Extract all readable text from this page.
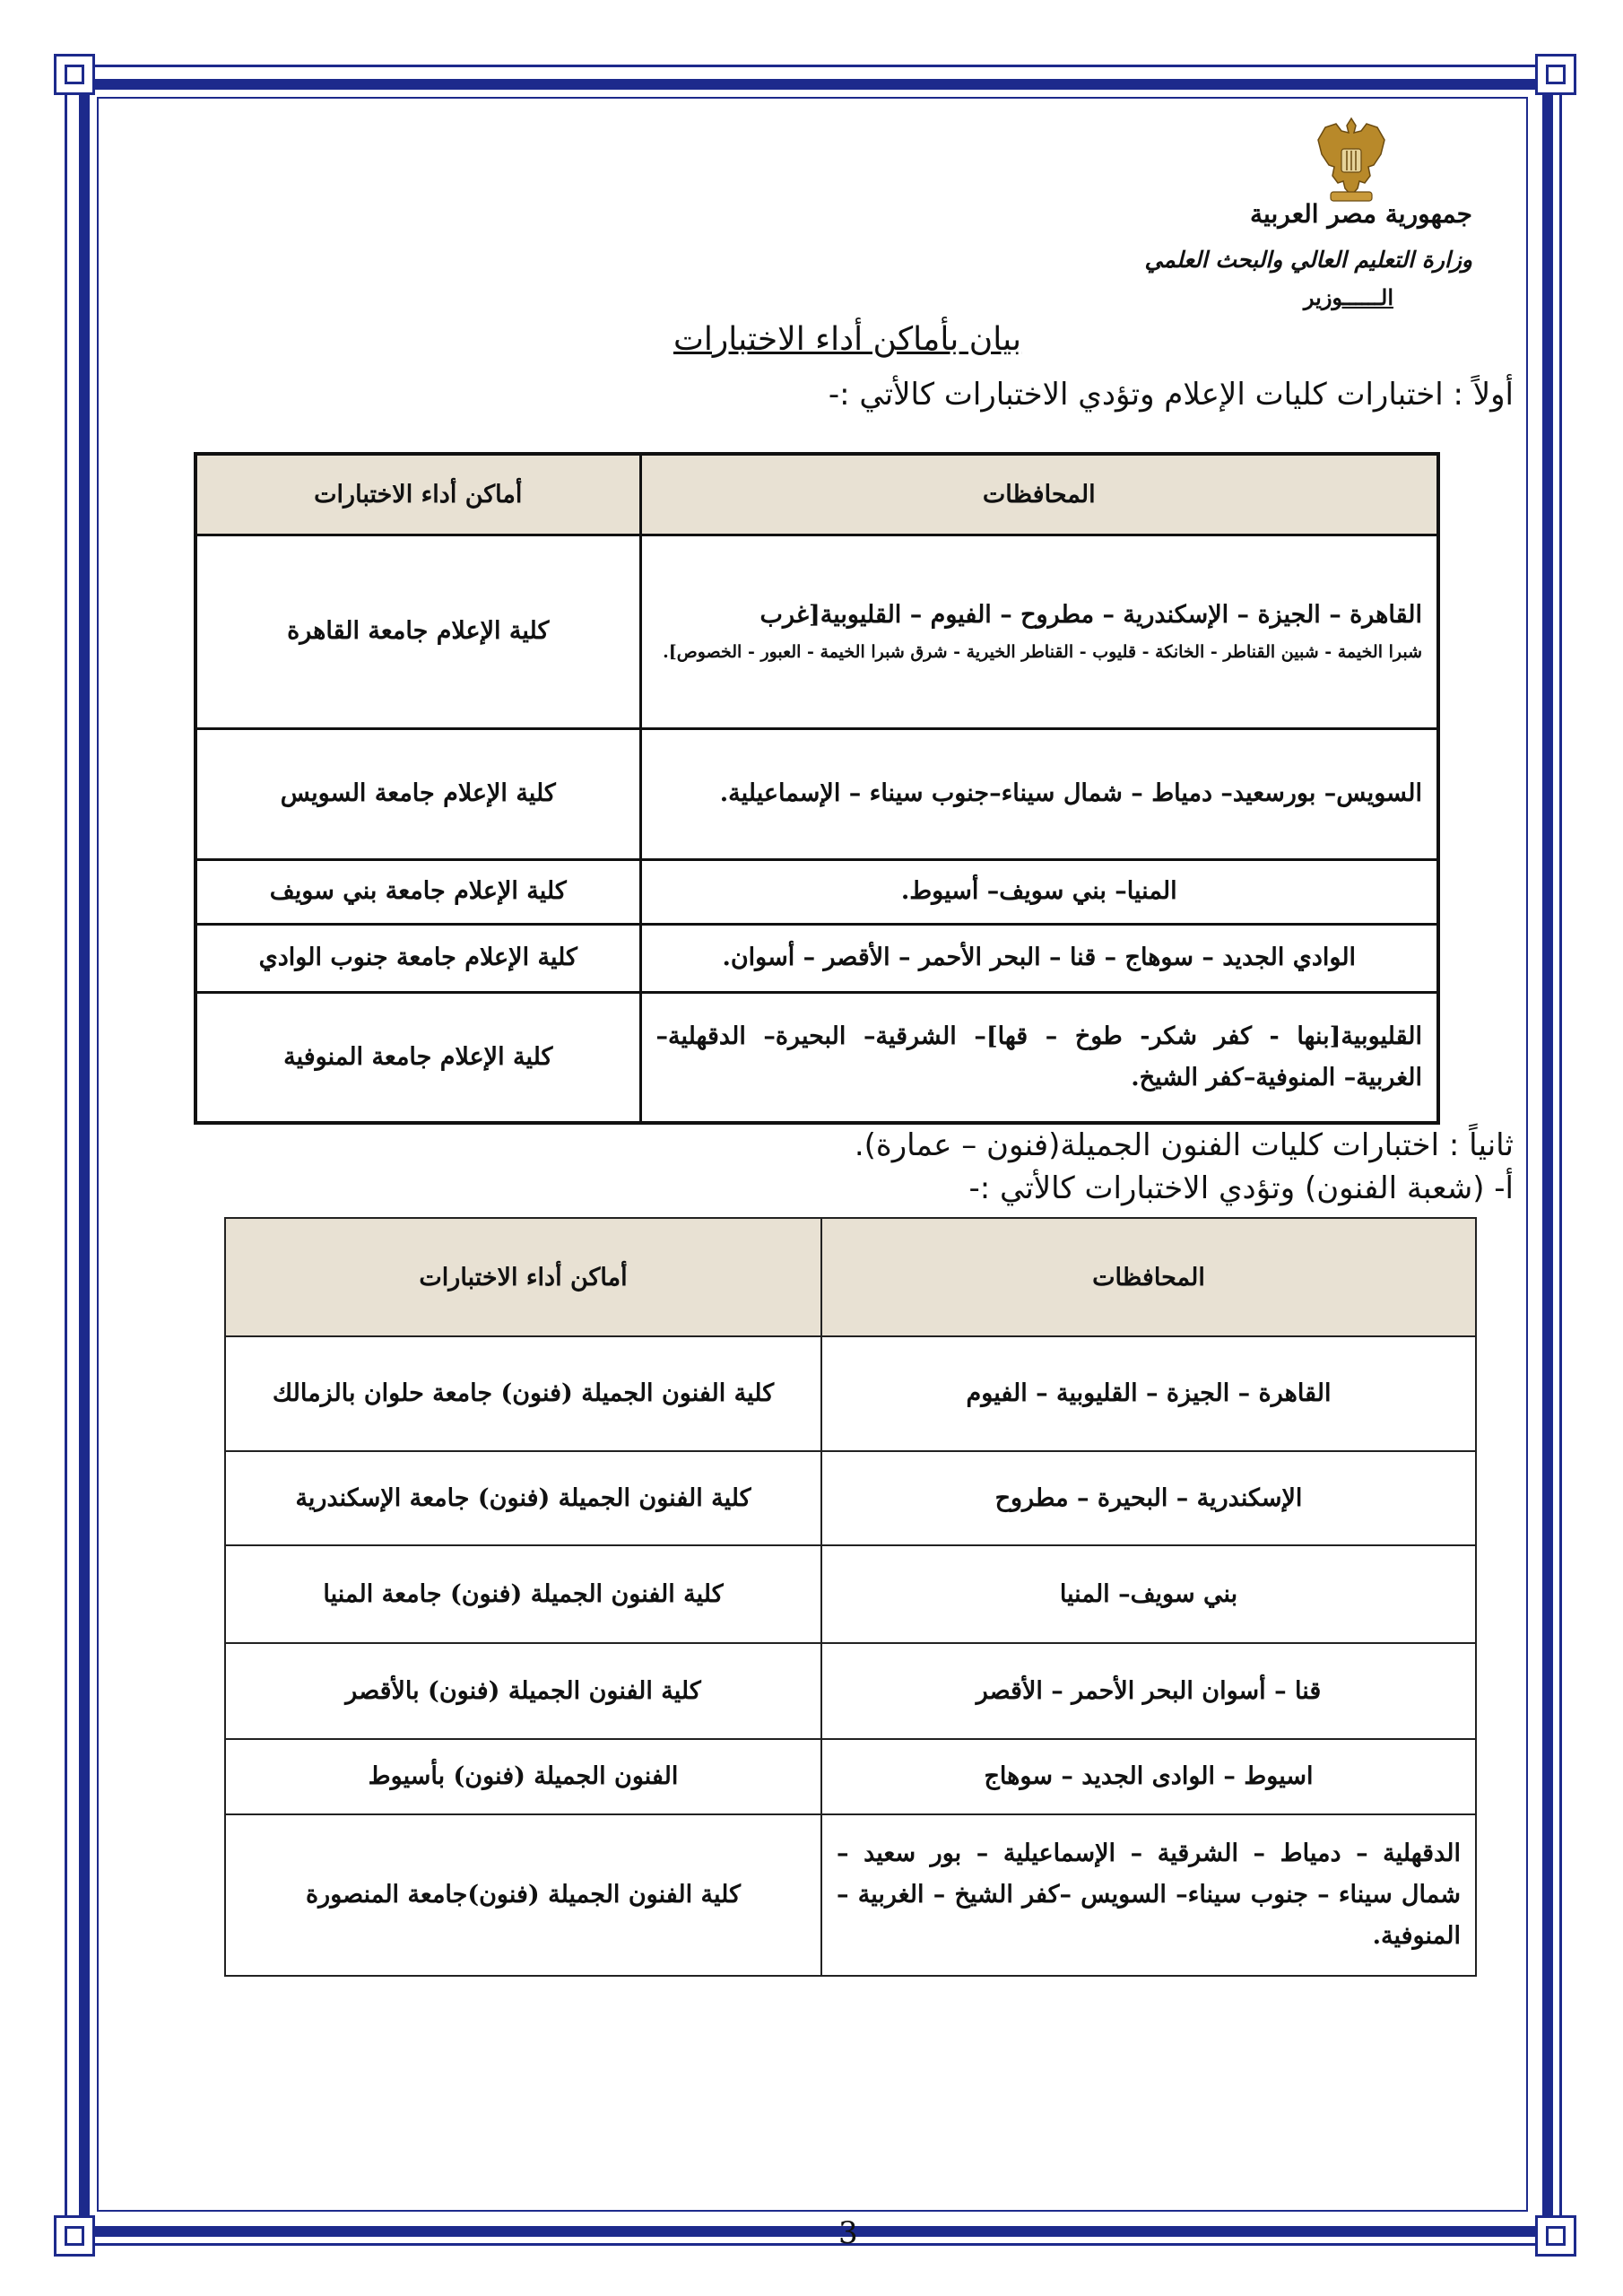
جمهورية مصر العربية
وزارة التعليم العالي والبحث العلمي
الــــــوزير
بيان بأماكن أداء الاختبارات
أولاً : اختبارات كليات الإعلام وتؤدي الاختبارات كالأتي :-
المحافظات	أماكن أداء الاختبارات

القاهرة – الجيزة – الإسكندرية – مطروح – الفيوم – القليوبية[غرب
شبرا الخيمة - شبين القناطر - الخانكة - قليوب - القناطر الخيرية - شرق شبرا الخيمة - العبور - الخصوص].	كلية الإعلام جامعة القاهرة
السويس– بورسعيد– دمياط – شمال سيناء–جنوب سيناء – الإسماعيلية.	كلية الإعلام جامعة السويس
المنيا– بني سويف– أسيوط.	كلية الإعلام جامعة بني سويف
الوادي الجديد – سوهاج – قنا – البحر الأحمر – الأقصر – أسوان.	كلية الإعلام جامعة جنوب الوادي
القليوبية[بنها - كفر شكر- طوخ – قها]– الشرقية– البحيرة– الدقهلية– الغربية– المنوفية–كفر الشيخ.	كلية الإعلام جامعة المنوفية
ثانياً : اختبارات كليات الفنون الجميلة(فنون – عمارة).
أ- (شعبة الفنون) وتؤدي الاختبارات كالأتي :-
المحافظات	أماكن أداء الاختبارات
القاهرة – الجيزة – القليوبية – الفيوم	كلية الفنون الجميلة (فنون) جامعة حلوان بالزمالك
الإسكندرية – البحيرة – مطروح	كلية الفنون الجميلة (فنون) جامعة الإسكندرية
بني سويف– المنيا	كلية الفنون الجميلة (فنون) جامعة المنيا
قنا – أسوان البحر الأحمر – الأقصر	كلية الفنون الجميلة (فنون) بالأقصر
اسيوط – الوادى الجديد – سوهاج	الفنون الجميلة (فنون) بأسيوط
الدقهلية – دمياط – الشرقية – الإسماعيلية – بور سعيد – شمال سيناء – جنوب سيناء– السويس –كفر الشيخ – الغربية – المنوفية.	كلية الفنون الجميلة (فنون)جامعة المنصورة
3
